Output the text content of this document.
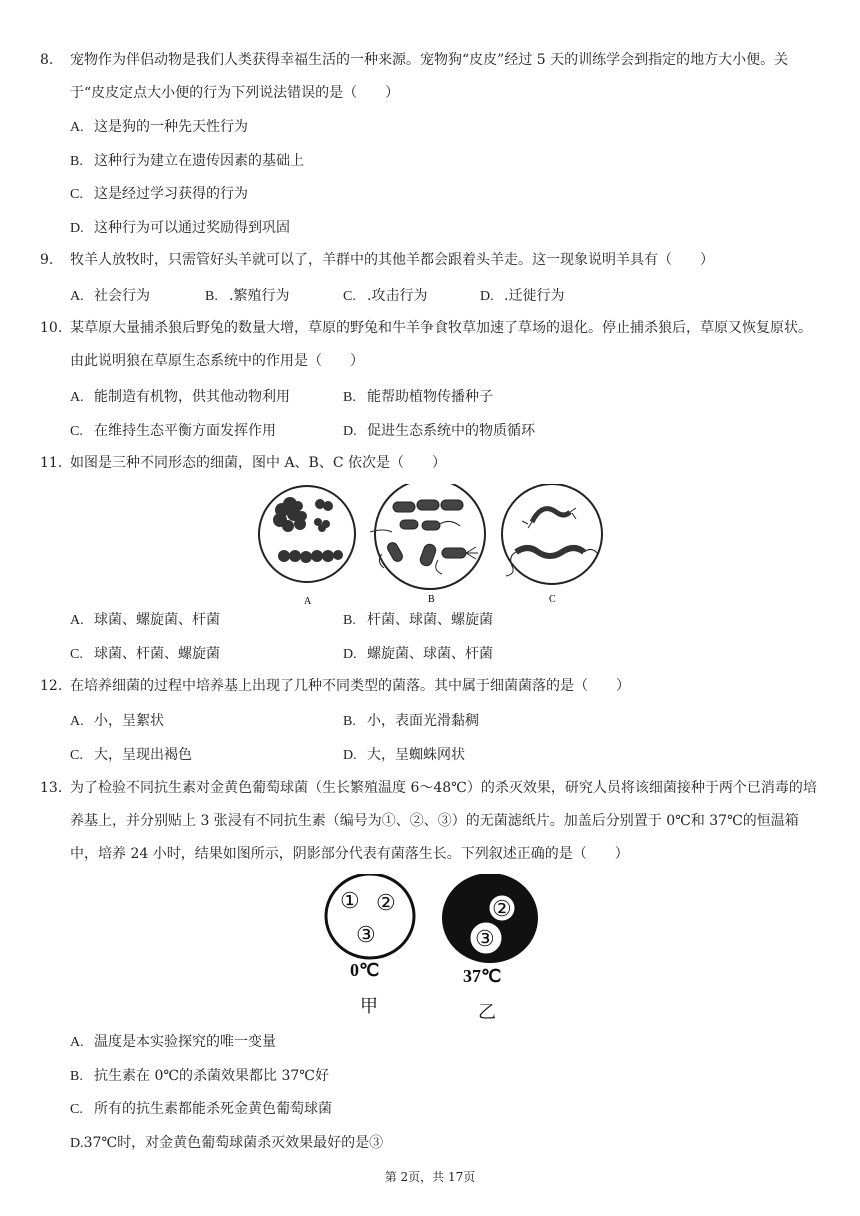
8. 宠物作为伴侣动物是我们人类获得幸福生活的一种来源。宠物狗“皮皮”经过 5 天的训练学会到指定的地方大小便。关于“皮皮定点大小便的行为下列说法错误的是（　　）
A. 这是狗的一种先天性行为
B. 这种行为建立在遗传因素的基础上
C. 这是经过学习获得的行为
D. 这种行为可以通过奖励得到巩固
9. 牧羊人放牧时，只需管好头羊就可以了，羊群中的其他羊都会跟着头羊走。这一现象说明羊具有（　　）
A. 社会行为	B. .繁殖行为	C. .攻击行为	D. .迁徙行为
10. 某草原大量捕杀狼后野兔的数量大增，草原的野兔和牛羊争食牧草加速了草场的退化。停止捕杀狼后，草原又恢复原状。由此说明狼在草原生态系统中的作用是（　　）
A. 能制造有机物，供其他动物利用	B. 能帮助植物传播种子
C. 在维持生态平衡方面发挥作用	D. 促进生态系统中的物质循环
11. 如图是三种不同形态的细菌，图中 A、B、C 依次是（　　）
A	B	C
A. 球菌、螺旋菌、杆菌	B. 杆菌、球菌、螺旋菌
C. 球菌、杆菌、螺旋菌	D. 螺旋菌、球菌、杆菌
12. 在培养细菌的过程中培养基上出现了几种不同类型的菌落。其中属于细菌菌落的是（　　）
A. 小，呈絮状	B. 小，表面光滑黏稠
C. 大，呈现出褐色	D. 大，呈蜘蛛网状
13. 为了检验不同抗生素对金黄色葡萄球菌（生长繁殖温度 6～48℃）的杀灭效果，研究人员将该细菌接种于两个已消毒的培养基上，并分别贴上 3 张浸有不同抗生素（编号为①、②、③）的无菌滤纸片。加盖后分别置于 0℃和 37℃的恒温箱中，培养 24 小时，结果如图所示，阴影部分代表有菌落生长。下列叙述正确的是（　　）
① ②
③
0℃
甲
②
③
37℃
乙
A. 温度是本实验探究的唯一变量
B. 抗生素在 0℃的杀菌效果都比 37℃好
C. 所有的抗生素都能杀死金黄色葡萄球菌
D.37℃时，对金黄色葡萄球菌杀灭效果最好的是③
第 2页，共 17页
